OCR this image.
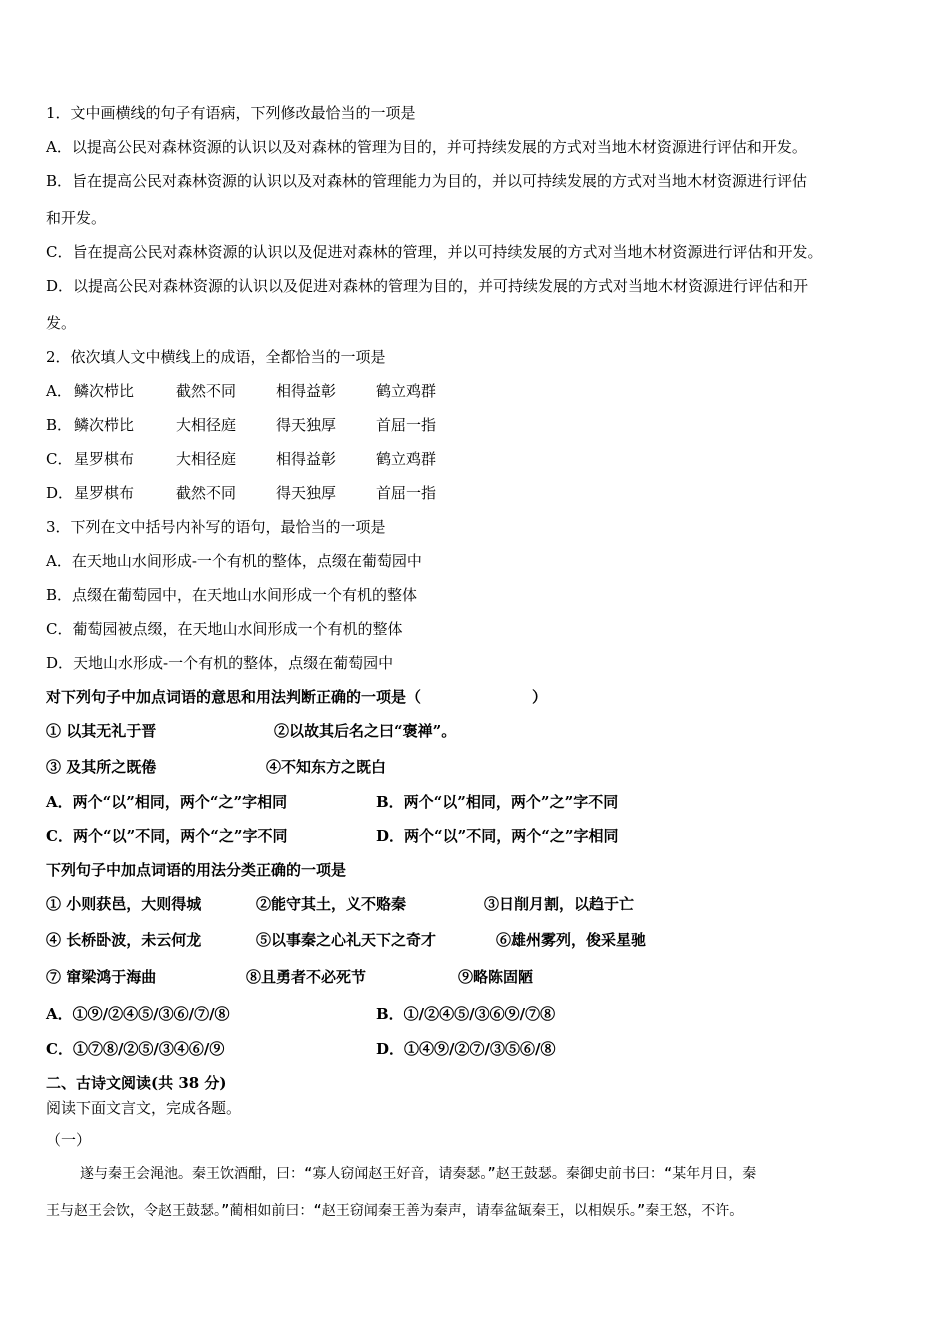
1．文中画横线的句子有语病，下列修改最恰当的一项是
A．以提高公民对森林资源的认识以及对森林的管理为目的，并可持续发展的方式对当地木材资源进行评估和开发。
B．旨在提高公民对森林资源的认识以及对森林的管理能力为目的，并以可持续发展的方式对当地木材资源进行评估
和开发。
C．旨在提高公民对森林资源的认识以及促进对森林的管理，并以可持续发展的方式对当地木材资源进行评估和开发。
D．以提高公民对森林资源的认识以及促进对森林的管理为目的，并可持续发展的方式对当地木材资源进行评估和开
发。
2．依次填人文中横线上的成语，全都恰当的一项是
A． 鳞次栉比	截然不同	相得益彰	鹤立鸡群
B． 鳞次栉比	大相径庭	得天独厚	首屈一指
C． 星罗棋布	大相径庭	相得益彰	鹤立鸡群
D． 星罗棋布	截然不同	得天独厚	首屈一指
3．下列在文中括号内补写的语句，最恰当的一项是
A．在天地山水间形成-一个有机的整体，点缀在葡萄园中
B．点缀在葡萄园中，在天地山水间形成一个有机的整体
C．葡萄园被点缀，在天地山水间形成一个有机的整体
D．天地山水形成-一个有机的整体，点缀在葡萄园中
对下列句子中加点词语的意思和用法判断正确的一项是（	）
① 以其无礼于晋	②以故其后名之曰“褒禅”。
③ 及其所之既倦	④不知东方之既白
A．两个“以”相同，两个“之”字相同	B．两个“以”相同，两个”之”字不同
C．两个“以”不同，两个“之”字不同	D．两个“以”不同，两个“之”字相同
下列句子中加点词语的用法分类正确的一项是
① 小则获邑，大则得城	②能守其土，义不赂秦	③日削月割，以趋于亡
④ 长桥卧波，未云何龙	⑤以事秦之心礼天下之奇才	⑥雄州雾列，俊采星驰
⑦ 窜梁鸿于海曲	⑧且勇者不必死节	⑨略陈固陋
A．①⑨/②④⑤/③⑥/⑦/⑧	B．①/②④⑤/③⑥⑨/⑦⑧
C．①⑦⑧/②⑤/③④⑥/⑨	D．①④⑨/②⑦/③⑤⑥/⑧
二、古诗文阅读(共 38 分)
阅读下面文言文，完成各题。
（一）
遂与秦王会渑池。秦王饮酒酣，曰：“寡人窃闻赵王好音，请奏瑟。”赵王鼓瑟。秦御史前书曰：“某年月日，秦
王与赵王会饮，令赵王鼓瑟。”蔺相如前曰：“赵王窃闻秦王善为秦声，请奉盆缻秦王，以相娱乐。”秦王怒，不许。
